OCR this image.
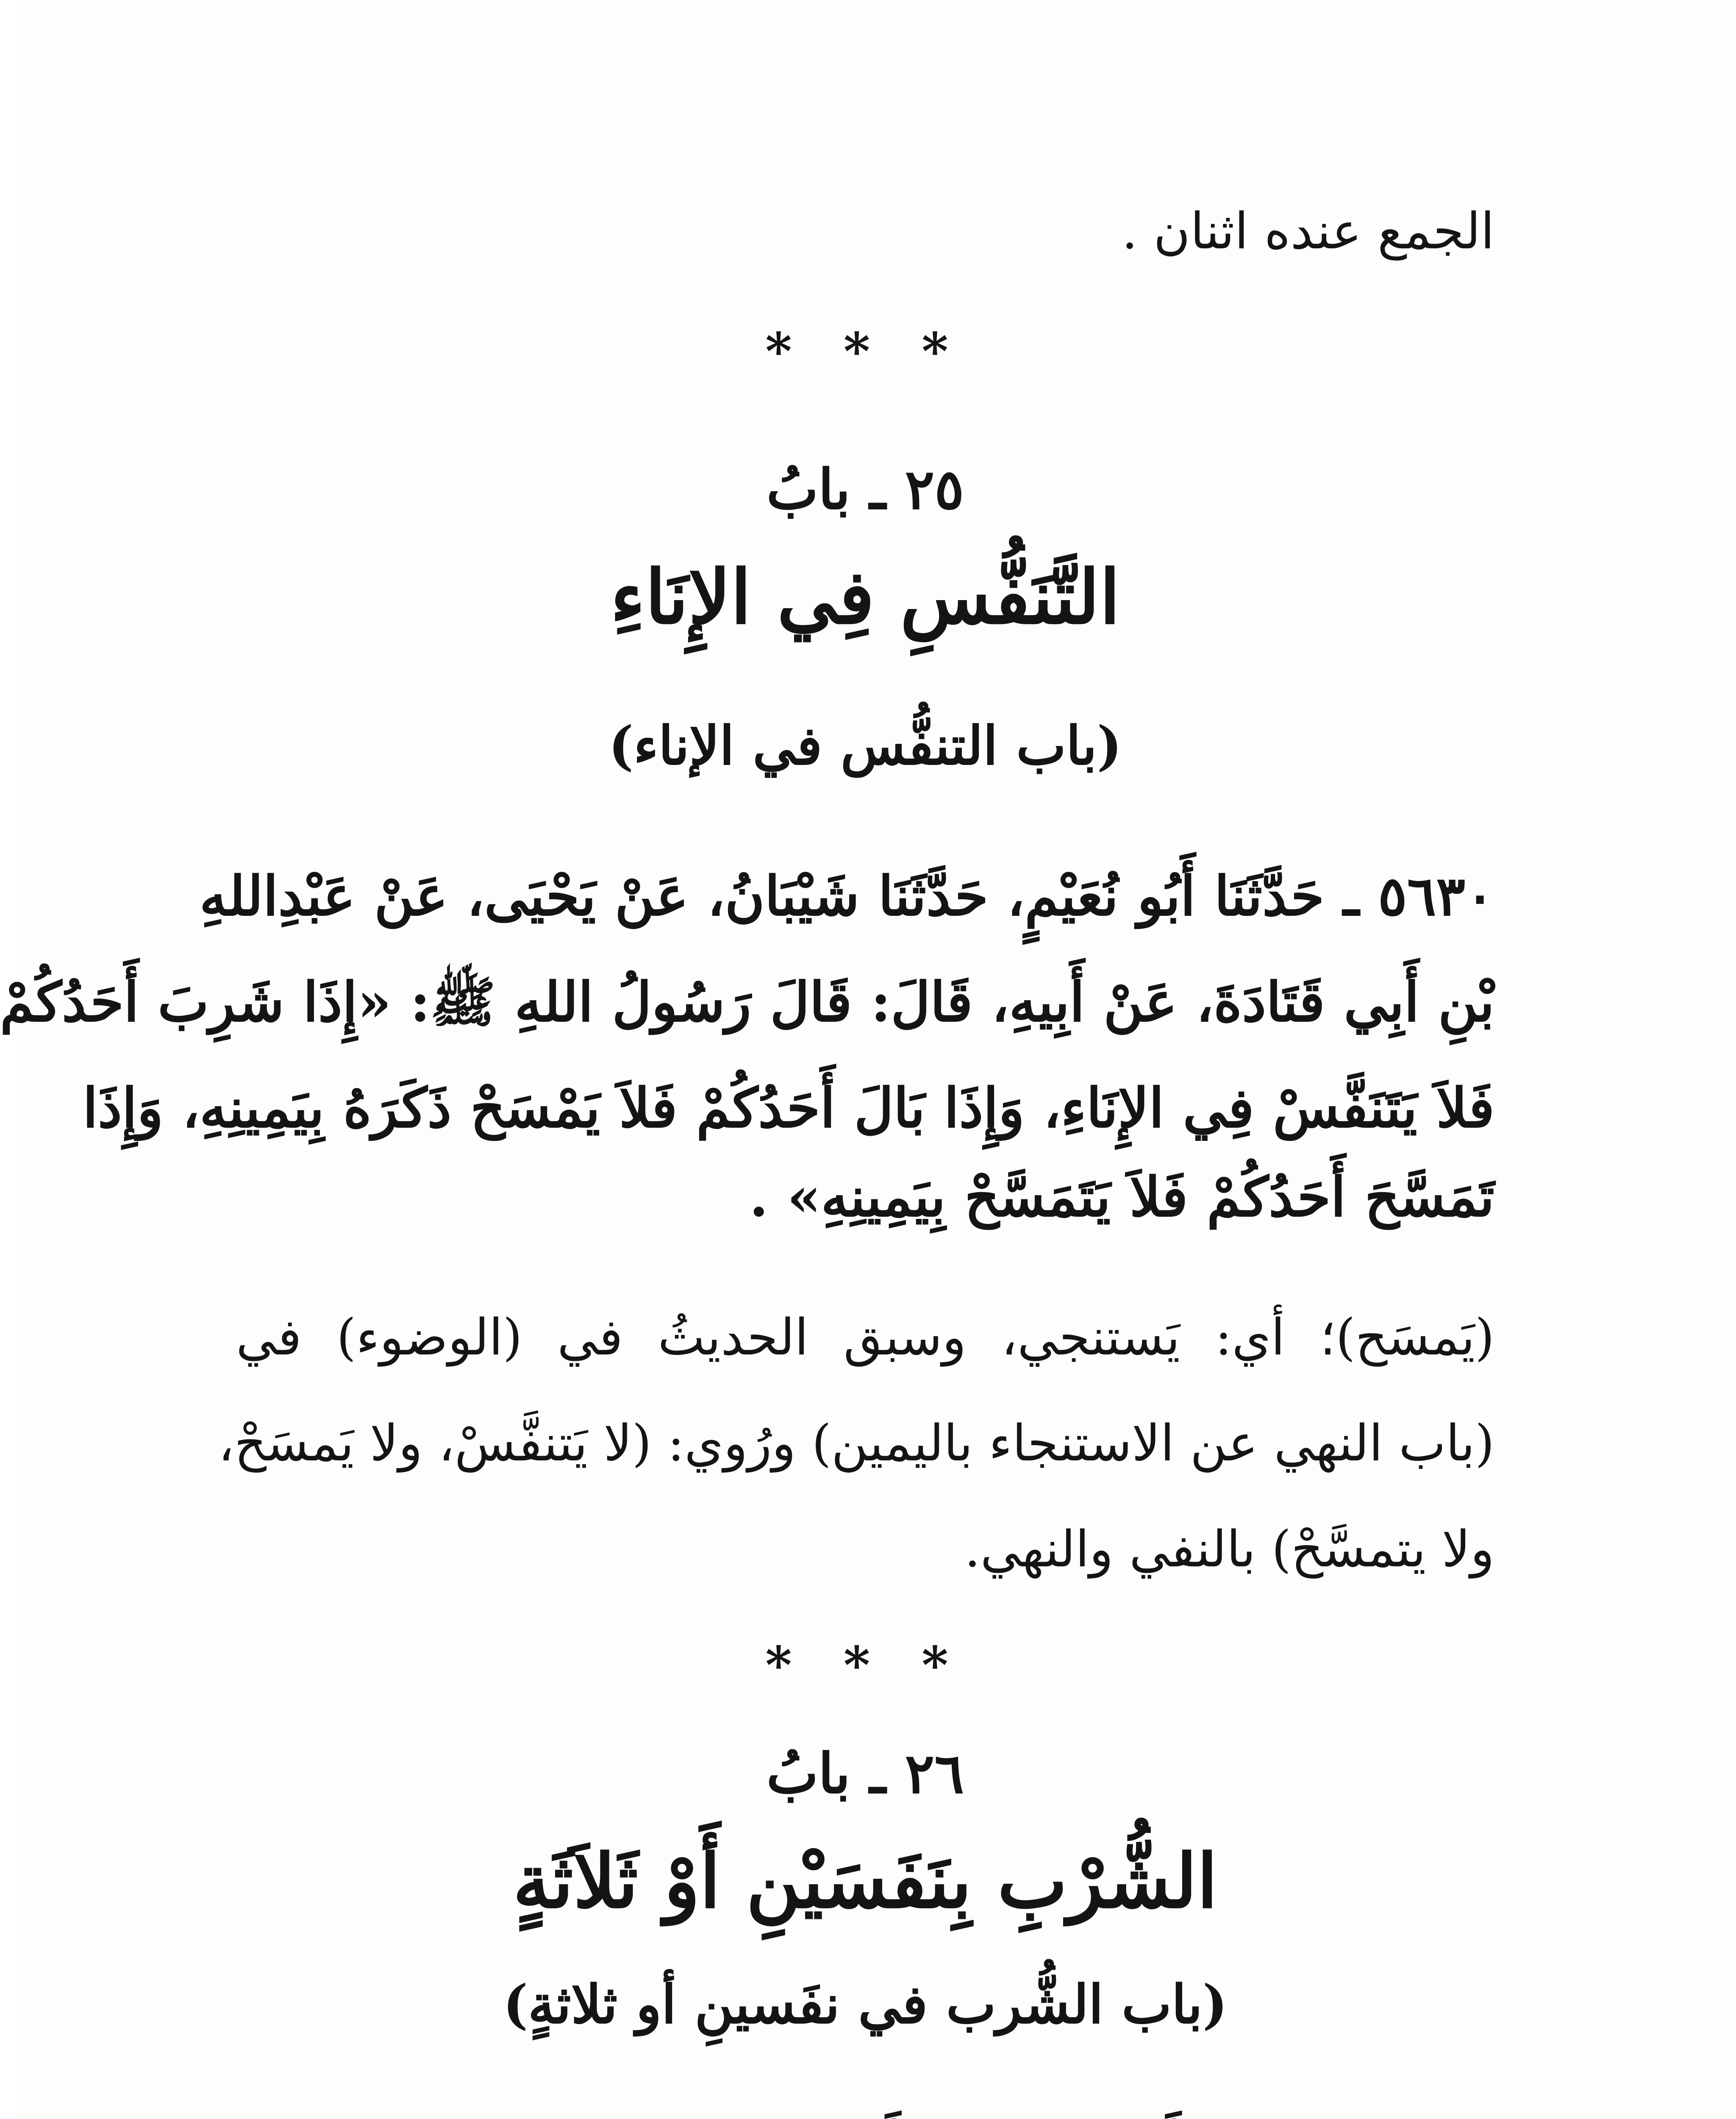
الجمع عنده اثنان .
* * *
٢٥ ـ بابُ
التَّنَفُّسِ فِي الإِنَاءِ
(باب التنفُّس في الإناء)
٥٦٣٠ ـ حَدَّثَنَا أَبُو نُعَيْمٍ، حَدَّثَنَا شَيْبَانُ، عَنْ يَحْيَى، عَنْ عَبْدِاللهِ
بْنِ أَبِي قَتَادَةَ، عَنْ أَبِيهِ، قَالَ: قَالَ رَسُولُ اللهِ ﷺ: «إِذَا شَرِبَ أَحَدُكُمْ
فَلاَ يَتَنَفَّسْ فِي الإِنَاءِ، وَإِذَا بَالَ أَحَدُكُمْ فَلاَ يَمْسَحْ ذَكَرَهُ بِيَمِينِهِ، وَإِذَا
تَمَسَّحَ أَحَدُكُمْ فَلاَ يَتَمَسَّحْ بِيَمِينِهِ» .
(يَمسَح)؛ أي: يَستنجي، وسبق الحديثُ في (الوضوء) في
(باب النهي عن الاستنجاء باليمين) ورُوي: (لا يَتنفَّسْ، ولا يَمسَحْ،
ولا يتمسَّحْ) بالنفي والنهي.
* * *
٢٦ ـ بابُ
الشُّرْبِ بِنَفَسَيْنِ أَوْ ثَلاَثَةٍ
(باب الشُّرب في نفَسينِ أو ثلاثةٍ)
